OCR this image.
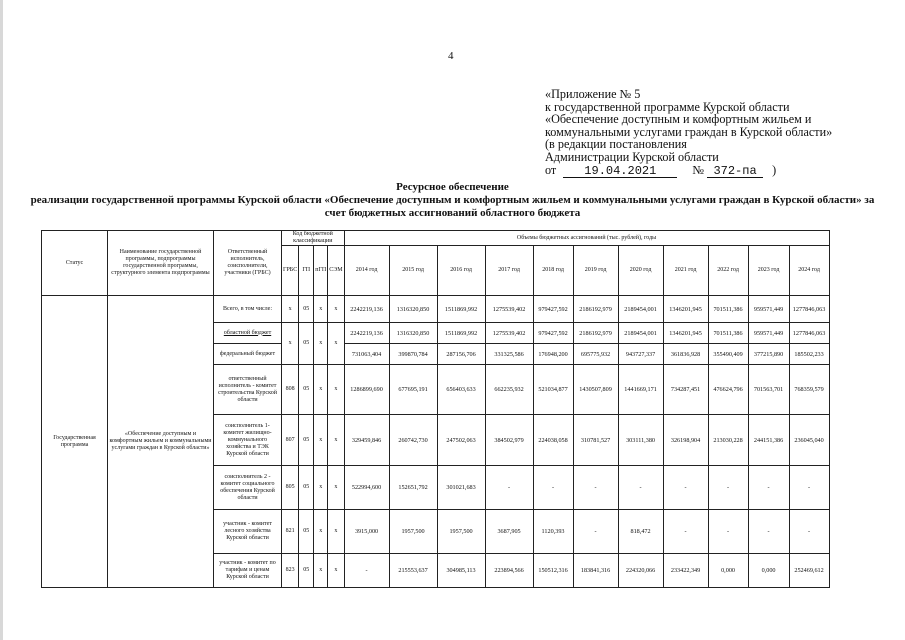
4
«Приложение № 5
к государственной программе Курской области
«Обеспечение доступным и комфортным жильем и
коммунальными услугами граждан в Курской области»
(в редакции постановления
Администрации Курской области
от 19.04.2021	№ 372-па )
Ресурсное обеспечение
реализации государственной программы Курской области «Обеспечение доступным и комфортным жильем и коммунальными услугами граждан в Курской области» за счет бюджетных ассигнований областного бюджета
Статус	Наименование государственной программы, подпрограммы государственной программы, структурного элемента подпрограммы	Ответственный исполнитель, соисполнители, участники (ГРБС)	Код бюджетной классификации				Объемы бюджетных ассигнований (тыс. рублей), годы										
			ГРБС	ГП	пГП	СЭМ	2014 год	2015 год	2016 год	2017 год	2018 год	2019 год	2020 год	2021 год	2022 год	2023 год	2024 год
Государственная программа	«Обеспечение доступным и комфортным жильем и коммунальными услугами граждан в Курской области»	Всего, в том числе:	х	05	х	х	2242219,136	1316320,850	1511869,992	1275539,402	979427,592	2186192,979	2189454,001	1346201,945	701511,386	959571,449	1277846,063
		областной бюджет	х	05	х	х	2242219,136	1316320,850	1511869,992	1275539,402	979427,592	2186192,979	2189454,001	1346201,945	701511,386	959571,449	1277846,063
		федеральный бюджет					731063,404	399870,784	287156,706	331325,586	176948,200	695775,932	943727,337	361836,928	355490,409	377215,890	185502,233
		ответственный исполнитель - комитет строительства Курской области	808	05	х	х	1286899,690	677695,191	656403,633	662235,932	521034,877	1430507,809	1441669,171	734287,451	476624,796	701563,701	768359,579
		соисполнитель 1- комитет жилищно-коммунального хозяйства и ТЭК Курской области	807	05	х	х	329459,846	260742,730	247502,063	384502,979	224038,058	310781,527	303111,380	326198,904	213030,228	244151,386	236045,040
		соисполнитель 2 - комитет социального обеспечения Курской области	805	05	х	х	522994,600	152651,792	301021,683	-	-	-	-	-	-	-	-
		участник - комитет лесного хозяйства Курской области	821	05	х	х	3915,000	1957,500	1957,500	3687,905	1120,393	-	818,472	-	-	-	-
		участник - комитет по тарифам и ценам Курской области	823	05	х	х	-	215553,637	304985,113	223894,566	150512,316	183841,316	224320,066	233422,349	0,000	0,000	252469,612
